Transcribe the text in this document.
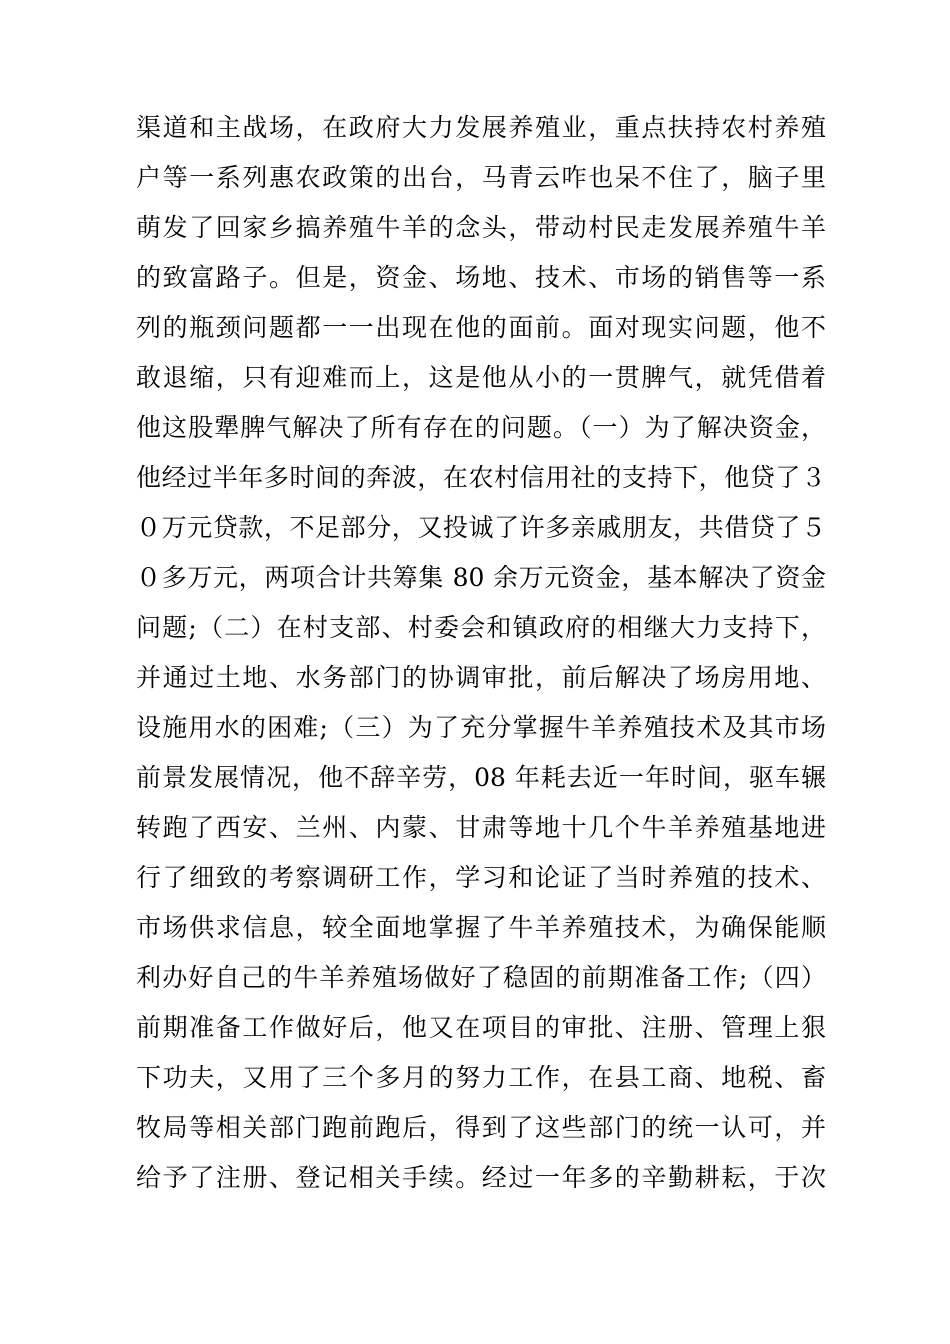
渠道和主战场，在政府大力发展养殖业，重点扶持农村养殖
户等一系列惠农政策的出台，马青云咋也呆不住了，脑子里
萌发了回家乡搞养殖牛羊的念头，带动村民走发展养殖牛羊
的致富路子。但是，资金、场地、技术、市场的销售等一系
列的瓶颈问题都一一出现在他的面前。面对现实问题，他不
敢退缩，只有迎难而上，这是他从小的一贯脾气，就凭借着
他这股犟脾气解决了所有存在的问题。（一）为了解决资金，
他经过半年多时间的奔波，在农村信用社的支持下，他贷了３
０万元贷款，不足部分，又投诚了许多亲戚朋友，共借贷了５
０多万元，两项合计共筹集 80 余万元资金，基本解决了资金
问题;（二）在村支部、村委会和镇政府的相继大力支持下，
并通过土地、水务部门的协调审批，前后解决了场房用地、
设施用水的困难;（三）为了充分掌握牛羊养殖技术及其市场
前景发展情况，他不辞辛劳，08 年耗去近一年时间，驱车辗
转跑了西安、兰州、内蒙、甘肃等地十几个牛羊养殖基地进
行了细致的考察调研工作，学习和论证了当时养殖的技术、
市场供求信息，较全面地掌握了牛羊养殖技术，为确保能顺
利办好自己的牛羊养殖场做好了稳固的前期准备工作;（四）
前期准备工作做好后，他又在项目的审批、注册、管理上狠
下功夫，又用了三个多月的努力工作，在县工商、地税、畜
牧局等相关部门跑前跑后，得到了这些部门的统一认可，并
给予了注册、登记相关手续。经过一年多的辛勤耕耘，于次
